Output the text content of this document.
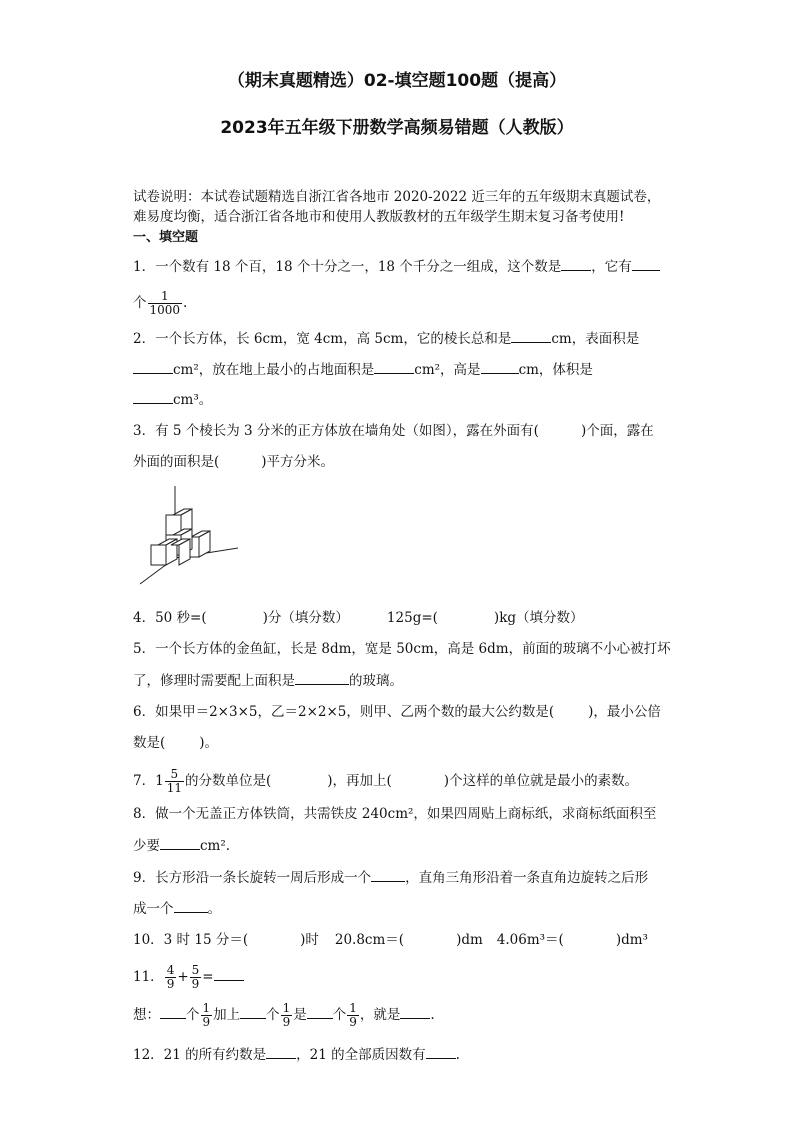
（期末真题精选）02-填空题100题（提高）
2023年五年级下册数学高频易错题（人教版）
试卷说明：本试卷试题精选自浙江省各地市 2020-2022 近三年的五年级期末真题试卷，
难易度均衡，适合浙江省各地市和使用人教版教材的五年级学生期末复习备考使用!
一、填空题
1．一个数有 18 个百，18 个十分之一，18 个千分之一组成，这个数是 ，它有
个 $\frac{1}{1000}$ .
2．一个长方体，长 6cm，宽 4cm，高 5cm，它的棱长总和是	cm，表面积是
cm²，放在地上最小的占地面积是	cm²，高是	cm，体积是
cm³。
3．有 5 个棱长为 3 分米的正方体放在墙角处（如图），露在外面有(	)个面，露在
外面的面积是(	)平方分米。
4．50 秒=(	)分（填分数）	125g=(	)kg（填分数）
5．一个长方体的金鱼缸，长是 8dm，宽是 50cm，高是 6dm，前面的玻璃不小心被打坏
了，修理时需要配上面积是	的玻璃。
6．如果甲＝2×3×5，乙＝2×2×5，则甲、乙两个数的最大公约数是(	)，最小公倍
数是(	)。
7．$1 \frac{5}{11}$ 的分数单位是(	)，再加上(	)个这样的单位就是最小的素数。
8．做一个无盖正方体铁筒，共需铁皮 240cm²，如果四周贴上商标纸，求商标纸面积至
少要	cm².
9．长方形沿一条长旋转一周后形成一个	，直角三角形沿着一条直角边旋转之后形
成一个	。
10．3 时 15 分＝(	)时 20.8cm＝(	)dm 4.06m³＝(	)dm³
11． $\frac{4}{9} + \frac{5}{9}$ =
想： 个 $\frac{1}{9}$ 加上 个 $\frac{1}{9}$ 是 个 $\frac{1}{9}$ ，就是 .
12．21 的所有约数是 ，21 的全部质因数有 .
